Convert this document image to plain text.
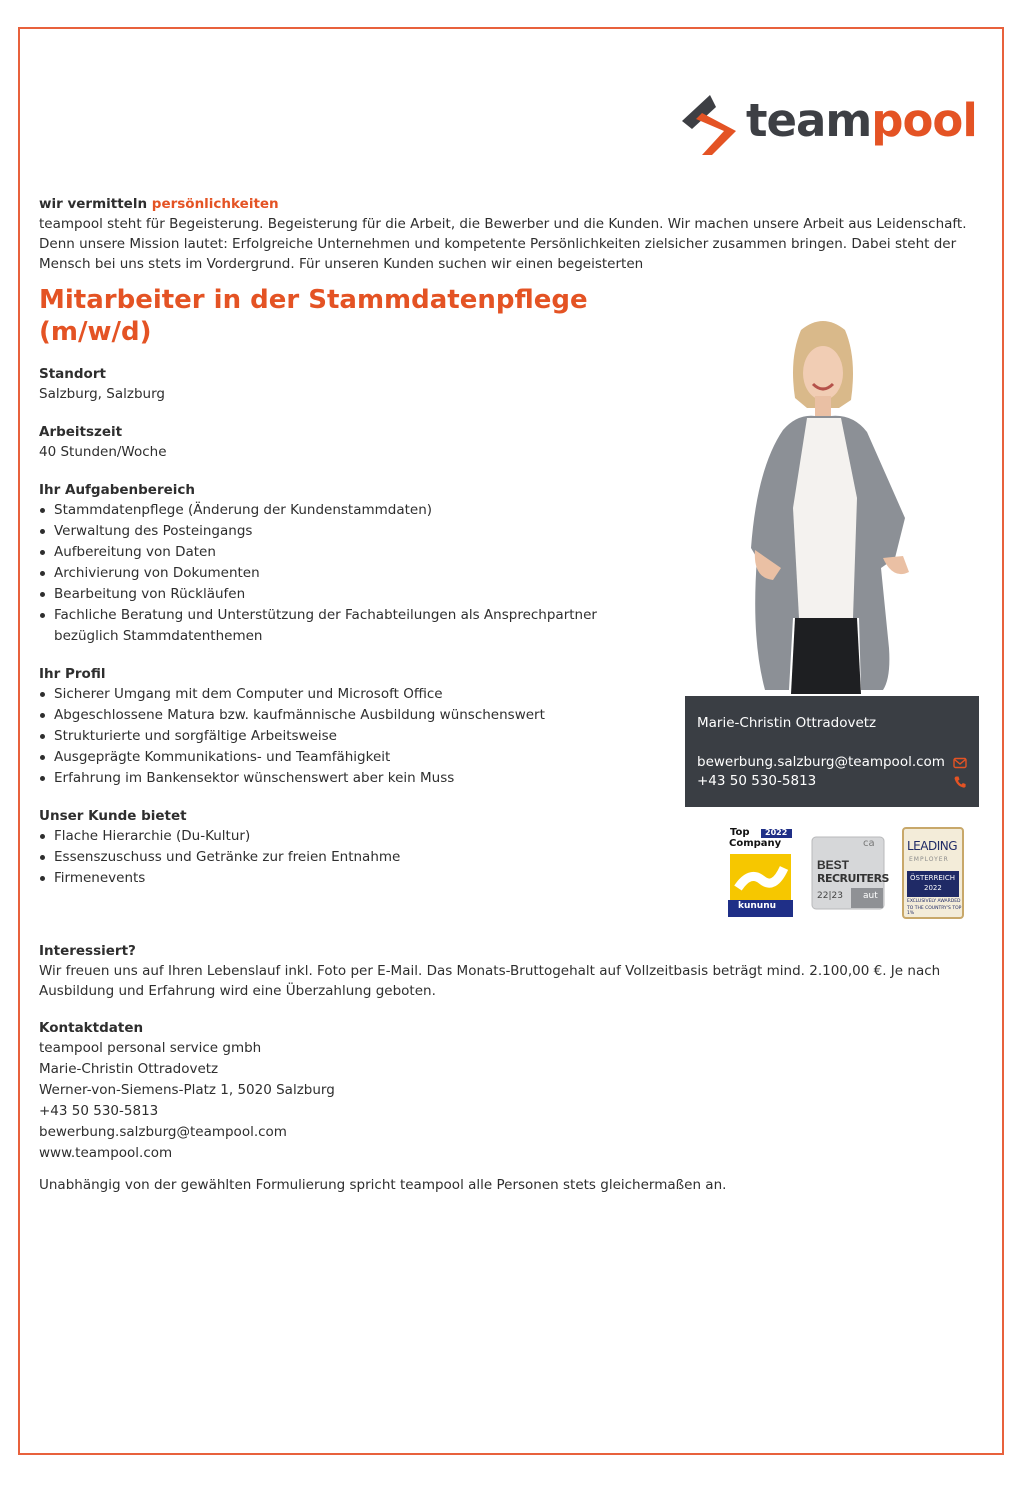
teampool
wir vermitteln persönlichkeiten
teampool steht für Begeisterung. Begeisterung für die Arbeit, die Bewerber und die Kunden. Wir machen unsere Arbeit aus Leidenschaft. Denn unsere Mission lautet: Erfolgreiche Unternehmen und kompetente Persönlichkeiten zielsicher zusammen bringen. Dabei steht der Mensch bei uns stets im Vordergrund. Für unseren Kunden suchen wir einen begeisterten
Mitarbeiter in der Stammdatenpflege
(m/w/d)
Standort
Salzburg, Salzburg
Arbeitszeit
40 Stunden/Woche
Ihr Aufgabenbereich
Stammdatenpflege (Änderung der Kundenstammdaten)
Verwaltung des Posteingangs
Aufbereitung von Daten
Archivierung von Dokumenten
Bearbeitung von Rückläufen
Fachliche Beratung und Unterstützung der Fachabteilungen als Ansprechpartner bezüglich Stammdatenthemen
Ihr Profil
Sicherer Umgang mit dem Computer und Microsoft Office
Abgeschlossene Matura bzw. kaufmännische Ausbildung wünschenswert
Strukturierte und sorgfältige Arbeitsweise
Ausgeprägte Kommunikations- und Teamfähigkeit
Erfahrung im Bankensektor wünschenswert aber kein Muss
Unser Kunde bietet
Flache Hierarchie (Du-Kultur)
Essenszuschuss und Getränke zur freien Entnahme
Firmenevents
Marie-Christin Ottradovetz
bewerbung.salzburg@teampool.com
+43 50 530-5813
Top 2022
Company
kununu
ca
BEST
RECRUITERS
22|23 aut
LEADING
EMPLOYER
ÖSTERREICH
2022
EXCLUSIVELY AWARDED
TO THE COUNTRY'S TOP 1%
Interessiert?
Wir freuen uns auf Ihren Lebenslauf inkl. Foto per E-Mail. Das Monats-Bruttogehalt auf Vollzeitbasis beträgt mind. 2.100,00 €. Je nach Ausbildung und Erfahrung wird eine Überzahlung geboten.
Kontaktdaten
teampool personal service gmbh
Marie-Christin Ottradovetz
Werner-von-Siemens-Platz 1, 5020 Salzburg
+43 50 530-5813
bewerbung.salzburg@teampool.com
www.teampool.com
Unabhängig von der gewählten Formulierung spricht teampool alle Personen stets gleichermaßen an.
